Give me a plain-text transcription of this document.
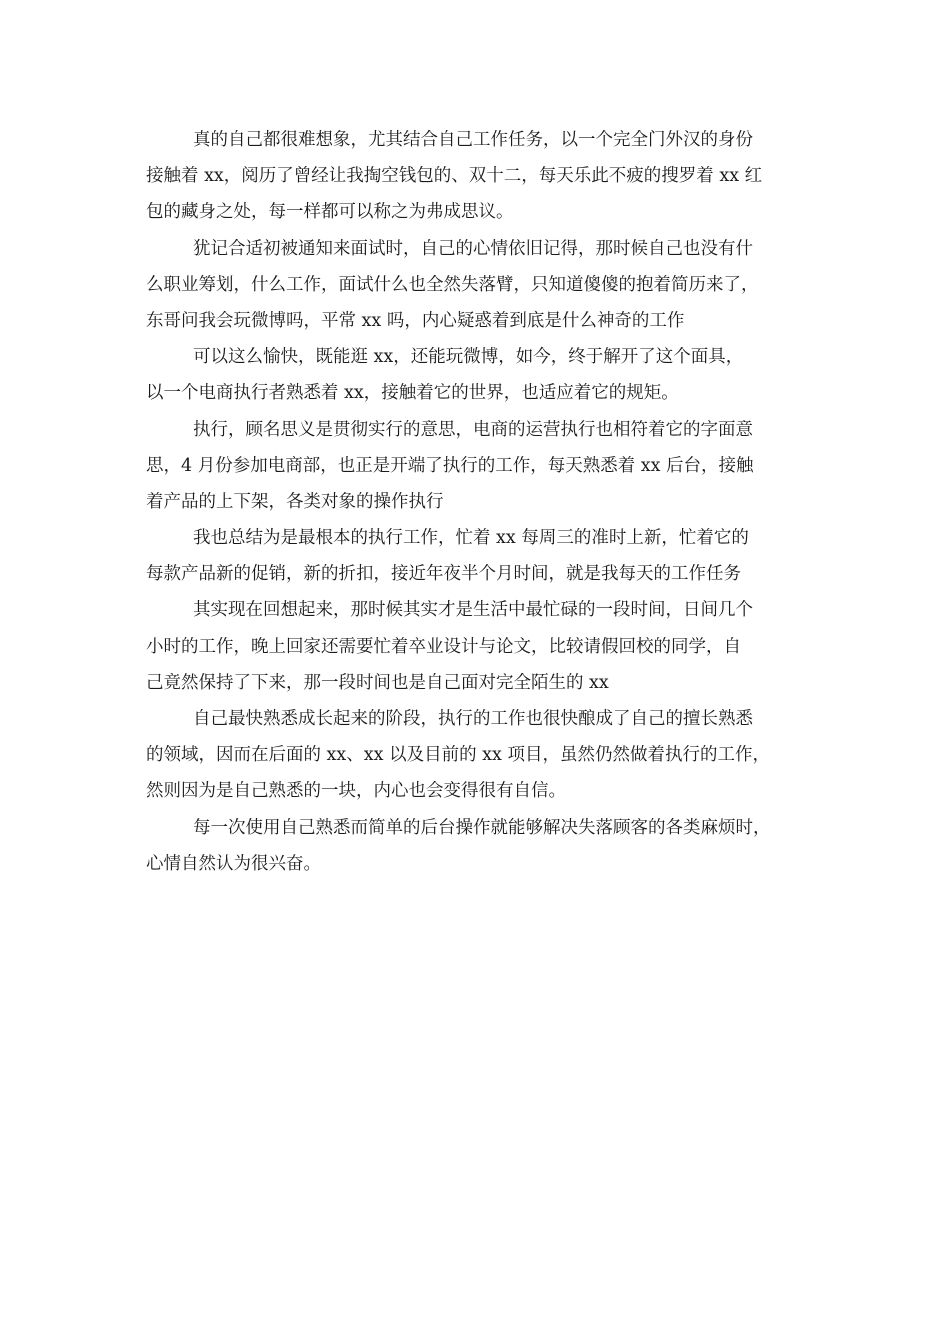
真的自己都很难想象，尤其结合自己工作任务，以一个完全门外汉的身份
接触着 xx，阅历了曾经让我掏空钱包的、双十二，每天乐此不疲的搜罗着 xx 红
包的藏身之处，每一样都可以称之为弗成思议。
犹记合适初被通知来面试时，自己的心情依旧记得，那时候自己也没有什
么职业筹划，什么工作，面试什么也全然失落臂，只知道傻傻的抱着简历来了，
东哥问我会玩微博吗，平常 xx 吗，内心疑惑着到底是什么神奇的工作
可以这么愉快，既能逛 xx，还能玩微博，如今，终于解开了这个面具，
以一个电商执行者熟悉着 xx，接触着它的世界，也适应着它的规矩。
执行，顾名思义是贯彻实行的意思，电商的运营执行也相符着它的字面意
思，4 月份参加电商部，也正是开端了执行的工作，每天熟悉着 xx 后台，接触
着产品的上下架，各类对象的操作执行
我也总结为是最根本的执行工作，忙着 xx 每周三的准时上新，忙着它的
每款产品新的促销，新的折扣，接近年夜半个月时间，就是我每天的工作任务
其实现在回想起来，那时候其实才是生活中最忙碌的一段时间，日间几个
小时的工作，晚上回家还需要忙着卒业设计与论文，比较请假回校的同学，自
己竟然保持了下来，那一段时间也是自己面对完全陌生的 xx
自己最快熟悉成长起来的阶段，执行的工作也很快酿成了自己的擅长熟悉
的领域，因而在后面的 xx、xx 以及目前的 xx 项目，虽然仍然做着执行的工作，
然则因为是自己熟悉的一块，内心也会变得很有自信。
每一次使用自己熟悉而简单的后台操作就能够解决失落顾客的各类麻烦时，
心情自然认为很兴奋。
